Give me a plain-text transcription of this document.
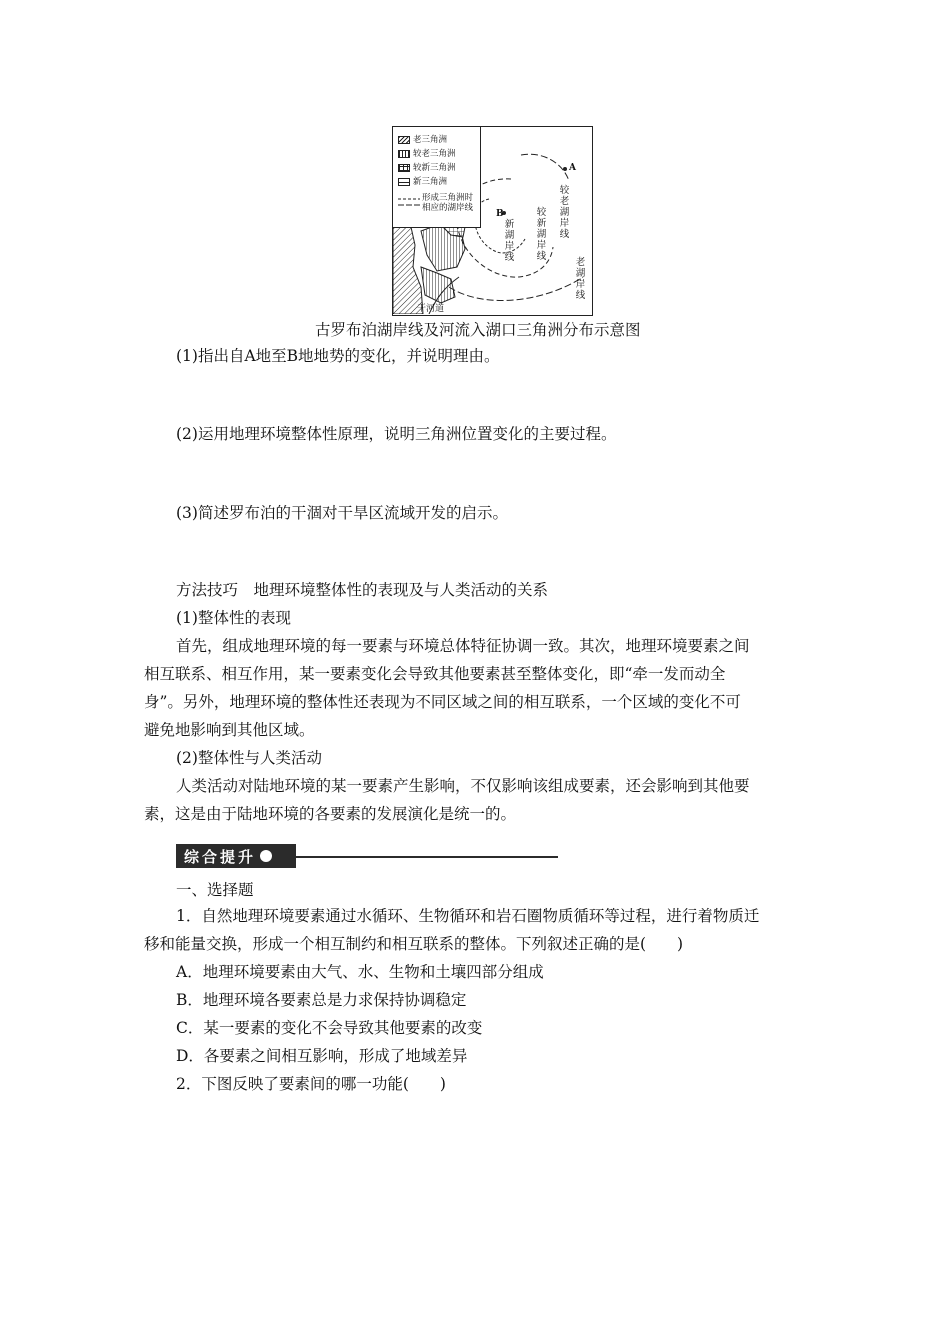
老三角洲
较老三角洲
较新三角洲
新三角洲
形成三角洲时
相应的湖岸线
A
B
较老湖岸线
较新湖岸线
新湖岸线	老湖岸线
干河道
古罗布泊湖岸线及河流入湖口三角洲分布示意图
(1)指出自A地至B地地势的变化，并说明理由。
(2)运用地理环境整体性原理，说明三角洲位置变化的主要过程。
(3)简述罗布泊的干涸对干旱区流域开发的启示。
方法技巧　地理环境整体性的表现及与人类活动的关系
(1)整体性的表现
首先，组成地理环境的每一要素与环境总体特征协调一致。其次，地理环境要素之间
相互联系、相互作用，某一要素变化会导致其他要素甚至整体变化，即“牵一发而动全
身”。另外，地理环境的整体性还表现为不同区域之间的相互联系，一个区域的变化不可
避免地影响到其他区域。
(2)整体性与人类活动
人类活动对陆地环境的某一要素产生影响，不仅影响该组成要素，还会影响到其他要
素，这是由于陆地环境的各要素的发展演化是统一的。
综合提升
一、选择题
1．自然地理环境要素通过水循环、生物循环和岩石圈物质循环等过程，进行着物质迁
移和能量交换，形成一个相互制约和相互联系的整体。下列叙述正确的是(　　)
A．地理环境要素由大气、水、生物和土壤四部分组成
B．地理环境各要素总是力求保持协调稳定
C．某一要素的变化不会导致其他要素的改变
D．各要素之间相互影响，形成了地域差异
2．下图反映了要素间的哪一功能(　　)
